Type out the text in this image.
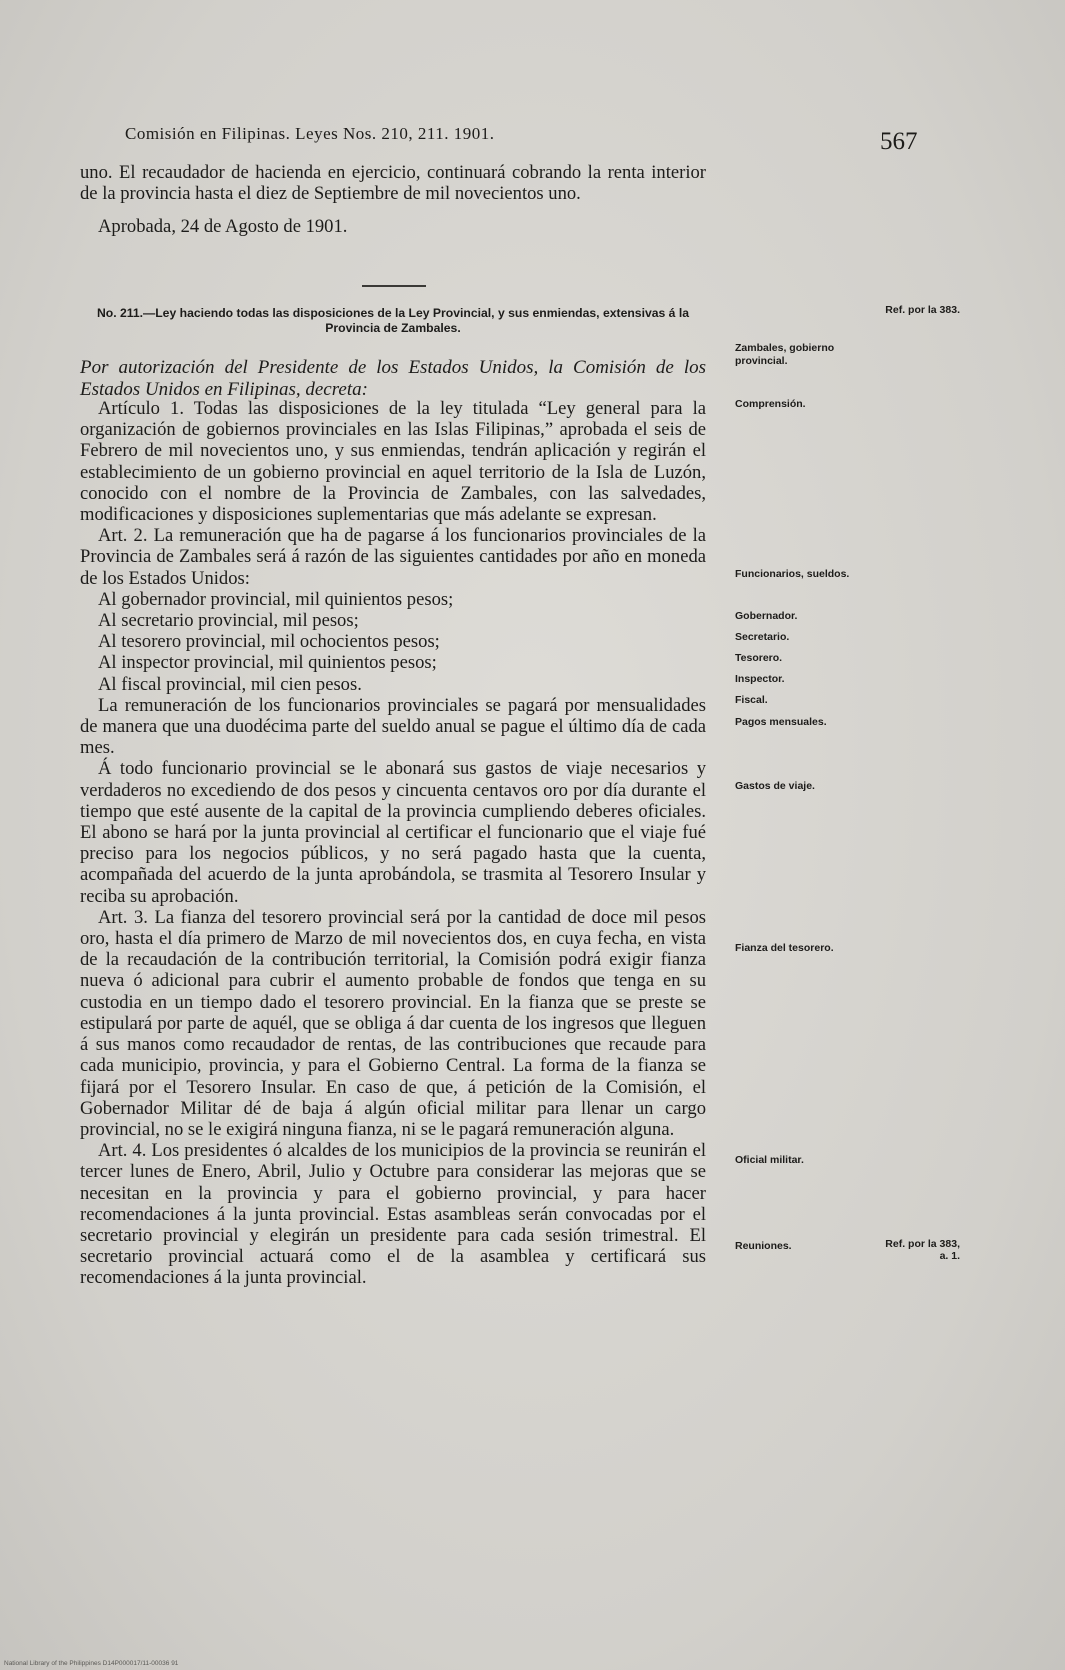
Comisión en Filipinas. Leyes Nos. 210, 211. 1901.	567

uno. El recaudador de hacienda en ejercicio, continuará cobrando la renta interior de la provincia hasta el diez de Septiembre de mil novecientos uno.

Aprobada, 24 de Agosto de 1901.

No. 211.—Ley haciendo todas las disposiciones de la Ley Provincial, y sus enmiendas, extensivas á la Provincia de Zambales.
Por autorización del Presidente de los Estados Unidos, la Comisión de los Estados Unidos en Filipinas, decreta:

Artículo 1. Todas las disposiciones de la ley titulada “Ley general para la organización de gobiernos provinciales en las Islas Filipinas,” aprobada el seis de Febrero de mil novecientos uno, y sus enmiendas, tendrán aplicación y regirán el establecimiento de un gobierno provincial en aquel territorio de la Isla de Luzón, conocido con el nombre de la Provincia de Zambales, con las salvedades, modificaciones y disposiciones suplementarias que más adelante se expresan.

Art. 2. La remuneración que ha de pagarse á los funcionarios provinciales de la Provincia de Zambales será á razón de las siguientes cantidades por año en moneda de los Estados Unidos:

Al gobernador provincial, mil quinientos pesos;

Al secretario provincial, mil pesos;

Al tesorero provincial, mil ochocientos pesos;

Al inspector provincial, mil quinientos pesos;

Al fiscal provincial, mil cien pesos.

La remuneración de los funcionarios provinciales se pagará por mensualidades de manera que una duodécima parte del sueldo anual se pague el último día de cada mes.

Á todo funcionario provincial se le abonará sus gastos de viaje necesarios y verdaderos no excediendo de dos pesos y cincuenta centavos oro por día durante el tiempo que esté ausente de la capital de la provincia cumpliendo deberes oficiales. El abono se hará por la junta provincial al certificar el funcionario que el viaje fué preciso para los negocios públicos, y no será pagado hasta que la cuenta, acompañada del acuerdo de la junta aprobándola, se trasmita al Tesorero Insular y reciba su aprobación.

Art. 3. La fianza del tesorero provincial será por la cantidad de doce mil pesos oro, hasta el día primero de Marzo de mil novecientos dos, en cuya fecha, en vista de la recaudación de la contribución territorial, la Comisión podrá exigir fianza nueva ó adicional para cubrir el aumento probable de fondos que tenga en su custodia en un tiempo dado el tesorero provincial. En la fianza que se preste se estipulará por parte de aquél, que se obliga á dar cuenta de los ingresos que lleguen á sus manos como recaudador de rentas, de las contribuciones que recaude para cada municipio, provincia, y para el Gobierno Central. La forma de la fianza se fijará por el Tesorero Insular. En caso de que, á petición de la Comisión, el Gobernador Militar dé de baja á algún oficial militar para llenar un cargo provincial, no se le exigirá ninguna fianza, ni se le pagará remuneración alguna.

Art. 4. Los presidentes ó alcaldes de los municipios de la provincia se reunirán el tercer lunes de Enero, Abril, Julio y Octubre para considerar las mejoras que se necesitan en la provincia y para el gobierno provincial, y para hacer recomendaciones á la junta provincial. Estas asambleas serán convocadas por el secretario provincial y elegirán un presidente para cada sesión trimestral. El secretario provincial actuará como el de la asamblea y certificará sus recomendaciones á la junta provincial.

Zambales, gobierno provincial.
Comprensión.
Funcionarios, sueldos.
Gobernador.
Secretario.
Tesorero.
Inspector.
Fiscal.
Pagos mensuales.
Gastos de viaje.
Fianza del tesorero.
Oficial militar.
Reuniones.
Ref. por la 383.
Ref. por la 383, a. 1.
National Library of the Philippines D14P000017/11-00036 91
